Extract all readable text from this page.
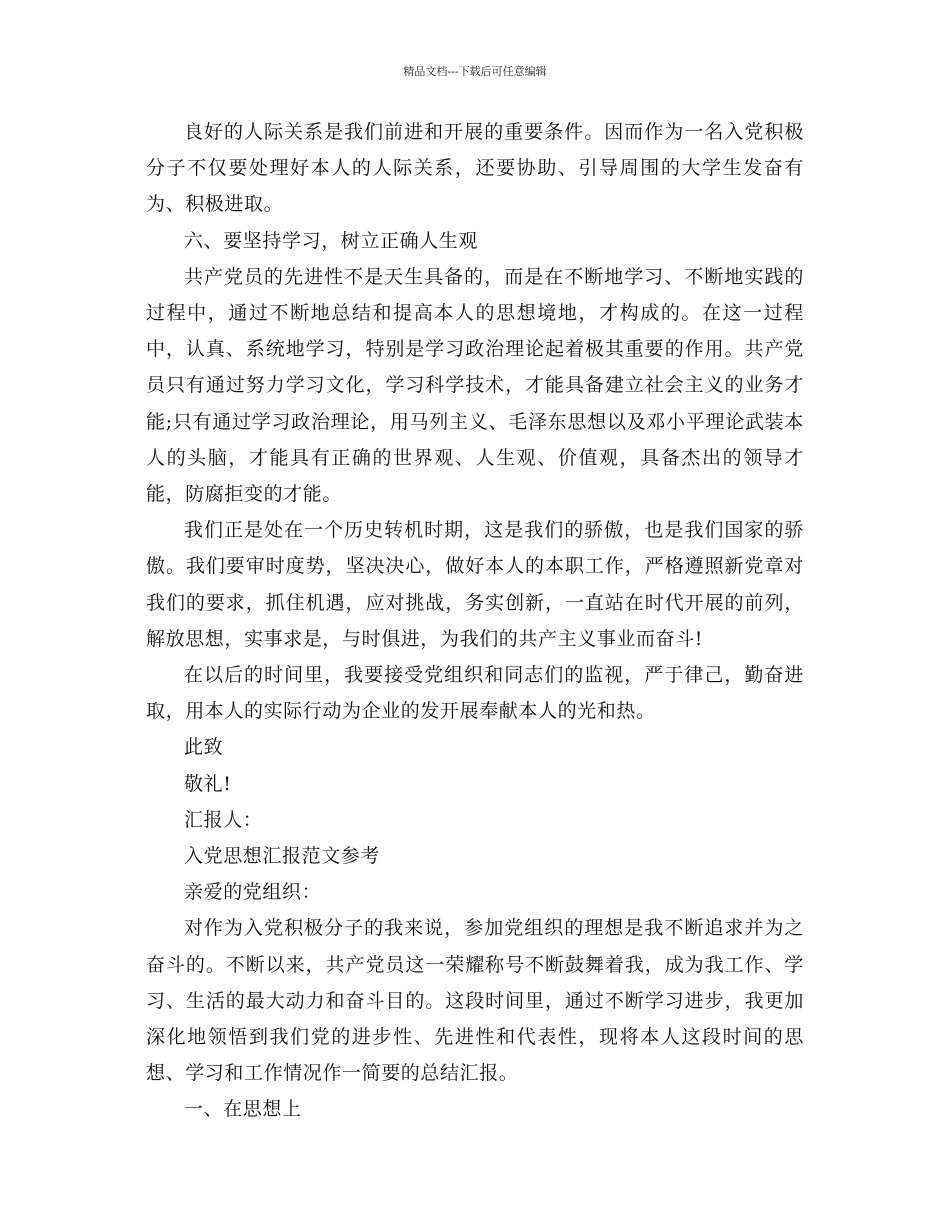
精品文档---下载后可任意编辑

良好的人际关系是我们前进和开展的重要条件。因而作为一名入党积极分子不仅要处理好本人的人际关系，还要协助、引导周围的大学生发奋有为、积极进取。

六、要坚持学习，树立正确人生观

共产党员的先进性不是天生具备的，而是在不断地学习、不断地实践的过程中，通过不断地总结和提高本人的思想境地，才构成的。在这一过程中，认真、系统地学习，特别是学习政治理论起着极其重要的作用。共产党员只有通过努力学习文化，学习科学技术，才能具备建立社会主义的业务才能;只有通过学习政治理论，用马列主义、毛泽东思想以及邓小平理论武装本人的头脑，才能具有正确的世界观、人生观、价值观，具备杰出的领导才能，防腐拒变的才能。

我们正是处在一个历史转机时期，这是我们的骄傲，也是我们国家的骄傲。我们要审时度势，坚决决心，做好本人的本职工作，严格遵照新党章对我们的要求，抓住机遇，应对挑战，务实创新，一直站在时代开展的前列，解放思想，实事求是，与时俱进，为我们的共产主义事业而奋斗!

在以后的时间里，我要接受党组织和同志们的监视，严于律己，勤奋进取，用本人的实际行动为企业的发开展奉献本人的光和热。

此致

敬礼!

汇报人：

入党思想汇报范文参考

亲爱的党组织：

对作为入党积极分子的我来说，参加党组织的理想是我不断追求并为之奋斗的。不断以来，共产党员这一荣耀称号不断鼓舞着我，成为我工作、学习、生活的最大动力和奋斗目的。这段时间里，通过不断学习进步，我更加深化地领悟到我们党的进步性、先进性和代表性，现将本人这段时间的思想、学习和工作情况作一简要的总结汇报。

一、在思想上
